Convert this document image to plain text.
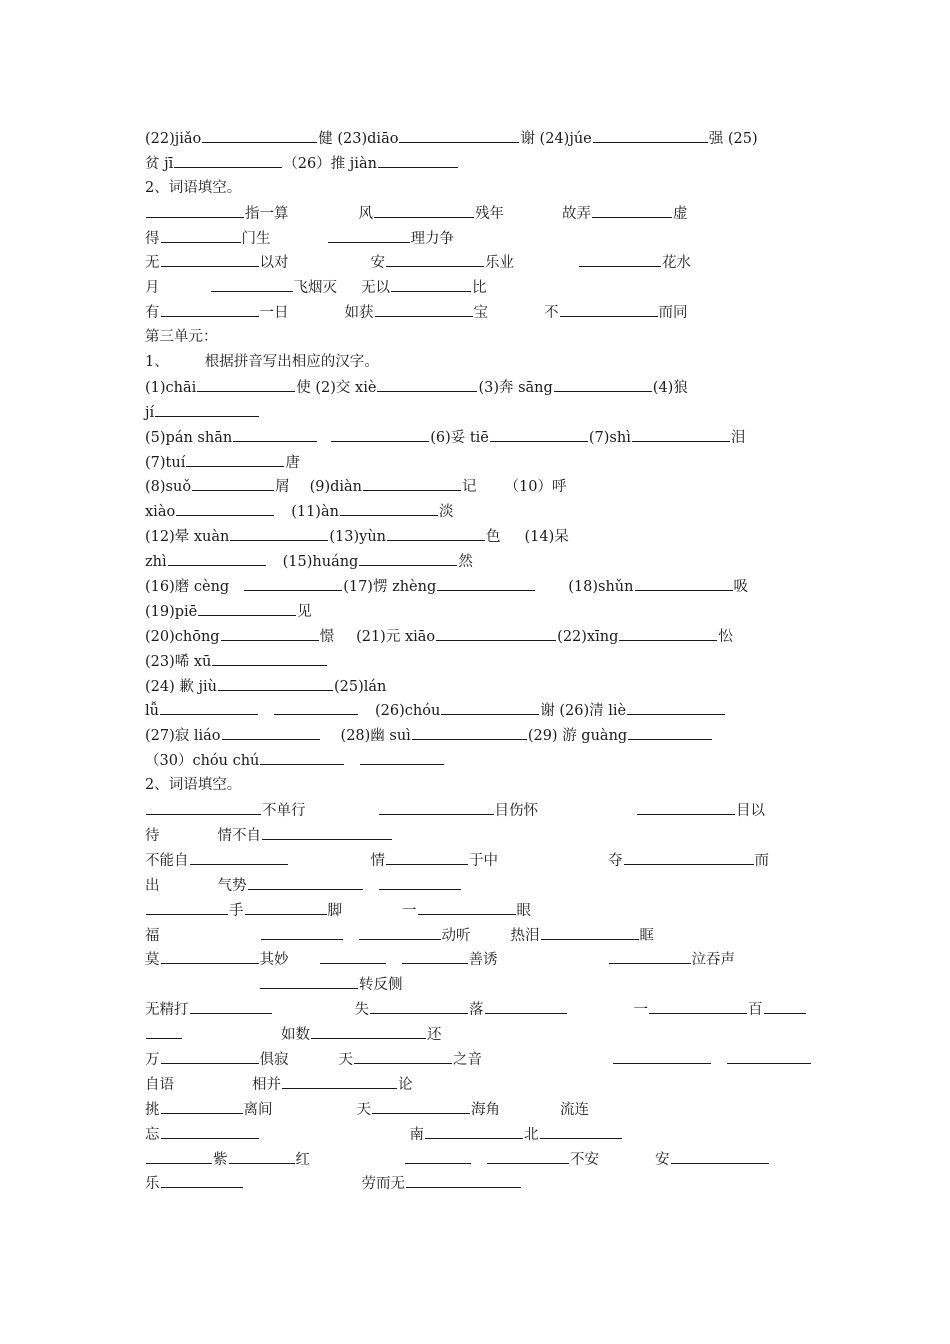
(22)jiǎo	健 (23)diāo	谢 (24)júe	强 (25)
贫 jī	（26）推 jiàn
2、词语填空。
指一算	风	残年	故弄	虚
得	门生	理力争
无	以对	安	乐业	花水
月	飞烟灭 无以	比
有	一日	如获	宝	不	而同
第三单元：
1、 根据拼音写出相应的汉字。
(1)chāi	使 (2)交 xiè	(3)奔 sāng	(4)狼
jí
(5)pán shān	(6)妥 tiē	(7)shì	泪
(7)tuí	唐
(8)suǒ	屑 (9)diàn	记 （10）呼
xiào	(11)àn	淡
(12)晕 xuàn	(13)yùn	色 (14)呆
zhì	(15)huáng	然
(16)磨 cèng	(17)愣 zhèng	(18)shǔn	吸
(19)piē	见
(20)chōng	憬 (21)元 xiāo	(22)xīng	忪
(23)唏 xū
(24) 歉 jiù	(25)lán
lǚ	(26)chóu	谢 (26)清 liè
(27)寂 liáo	(28)幽 suì	(29) 游 guàng
（30）chóu chú
2、词语填空。
不单行	目伤怀	目以
待	情不自
不能自	情	于中	夺	而
出	气势
手	脚	一	眼
福	动听	热泪	眶
莫	其妙	善诱	泣吞声
转反侧
无精打	失	落	一	百
如数	还
万	俱寂	天	之音
自语	相并	论
挑	离间	天	海角	流连
忘	南	北
紫	红	不安	安
乐	劳而无
